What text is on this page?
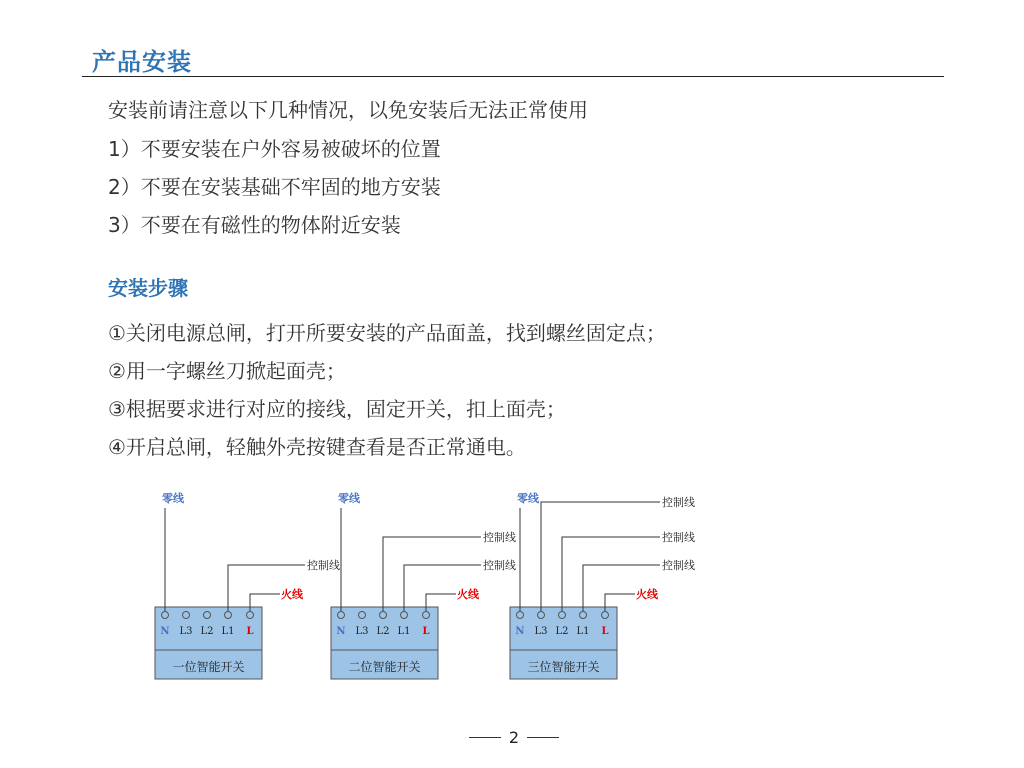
产品安装
安装前请注意以下几种情况，以免安装后无法正常使用
1）不要安装在户外容易被破坏的位置
2）不要在安装基础不牢固的地方安装
3）不要在有磁性的物体附近安装
安装步骤
①关闭电源总闸，打开所要安装的产品面盖，找到螺丝固定点；
②用一字螺丝刀掀起面壳；
③根据要求进行对应的接线，固定开关，扣上面壳；
④开启总闸，轻触外壳按键查看是否正常通电。
N L3 L2 L1 L
一位智能开关
零线
控制线
火线
N L3 L2 L1 L
二位智能开关
零线
控制线
控制线
火线
N L3 L2 L1 L
三位智能开关
零线	控制线
控制线
控制线
火线
2
